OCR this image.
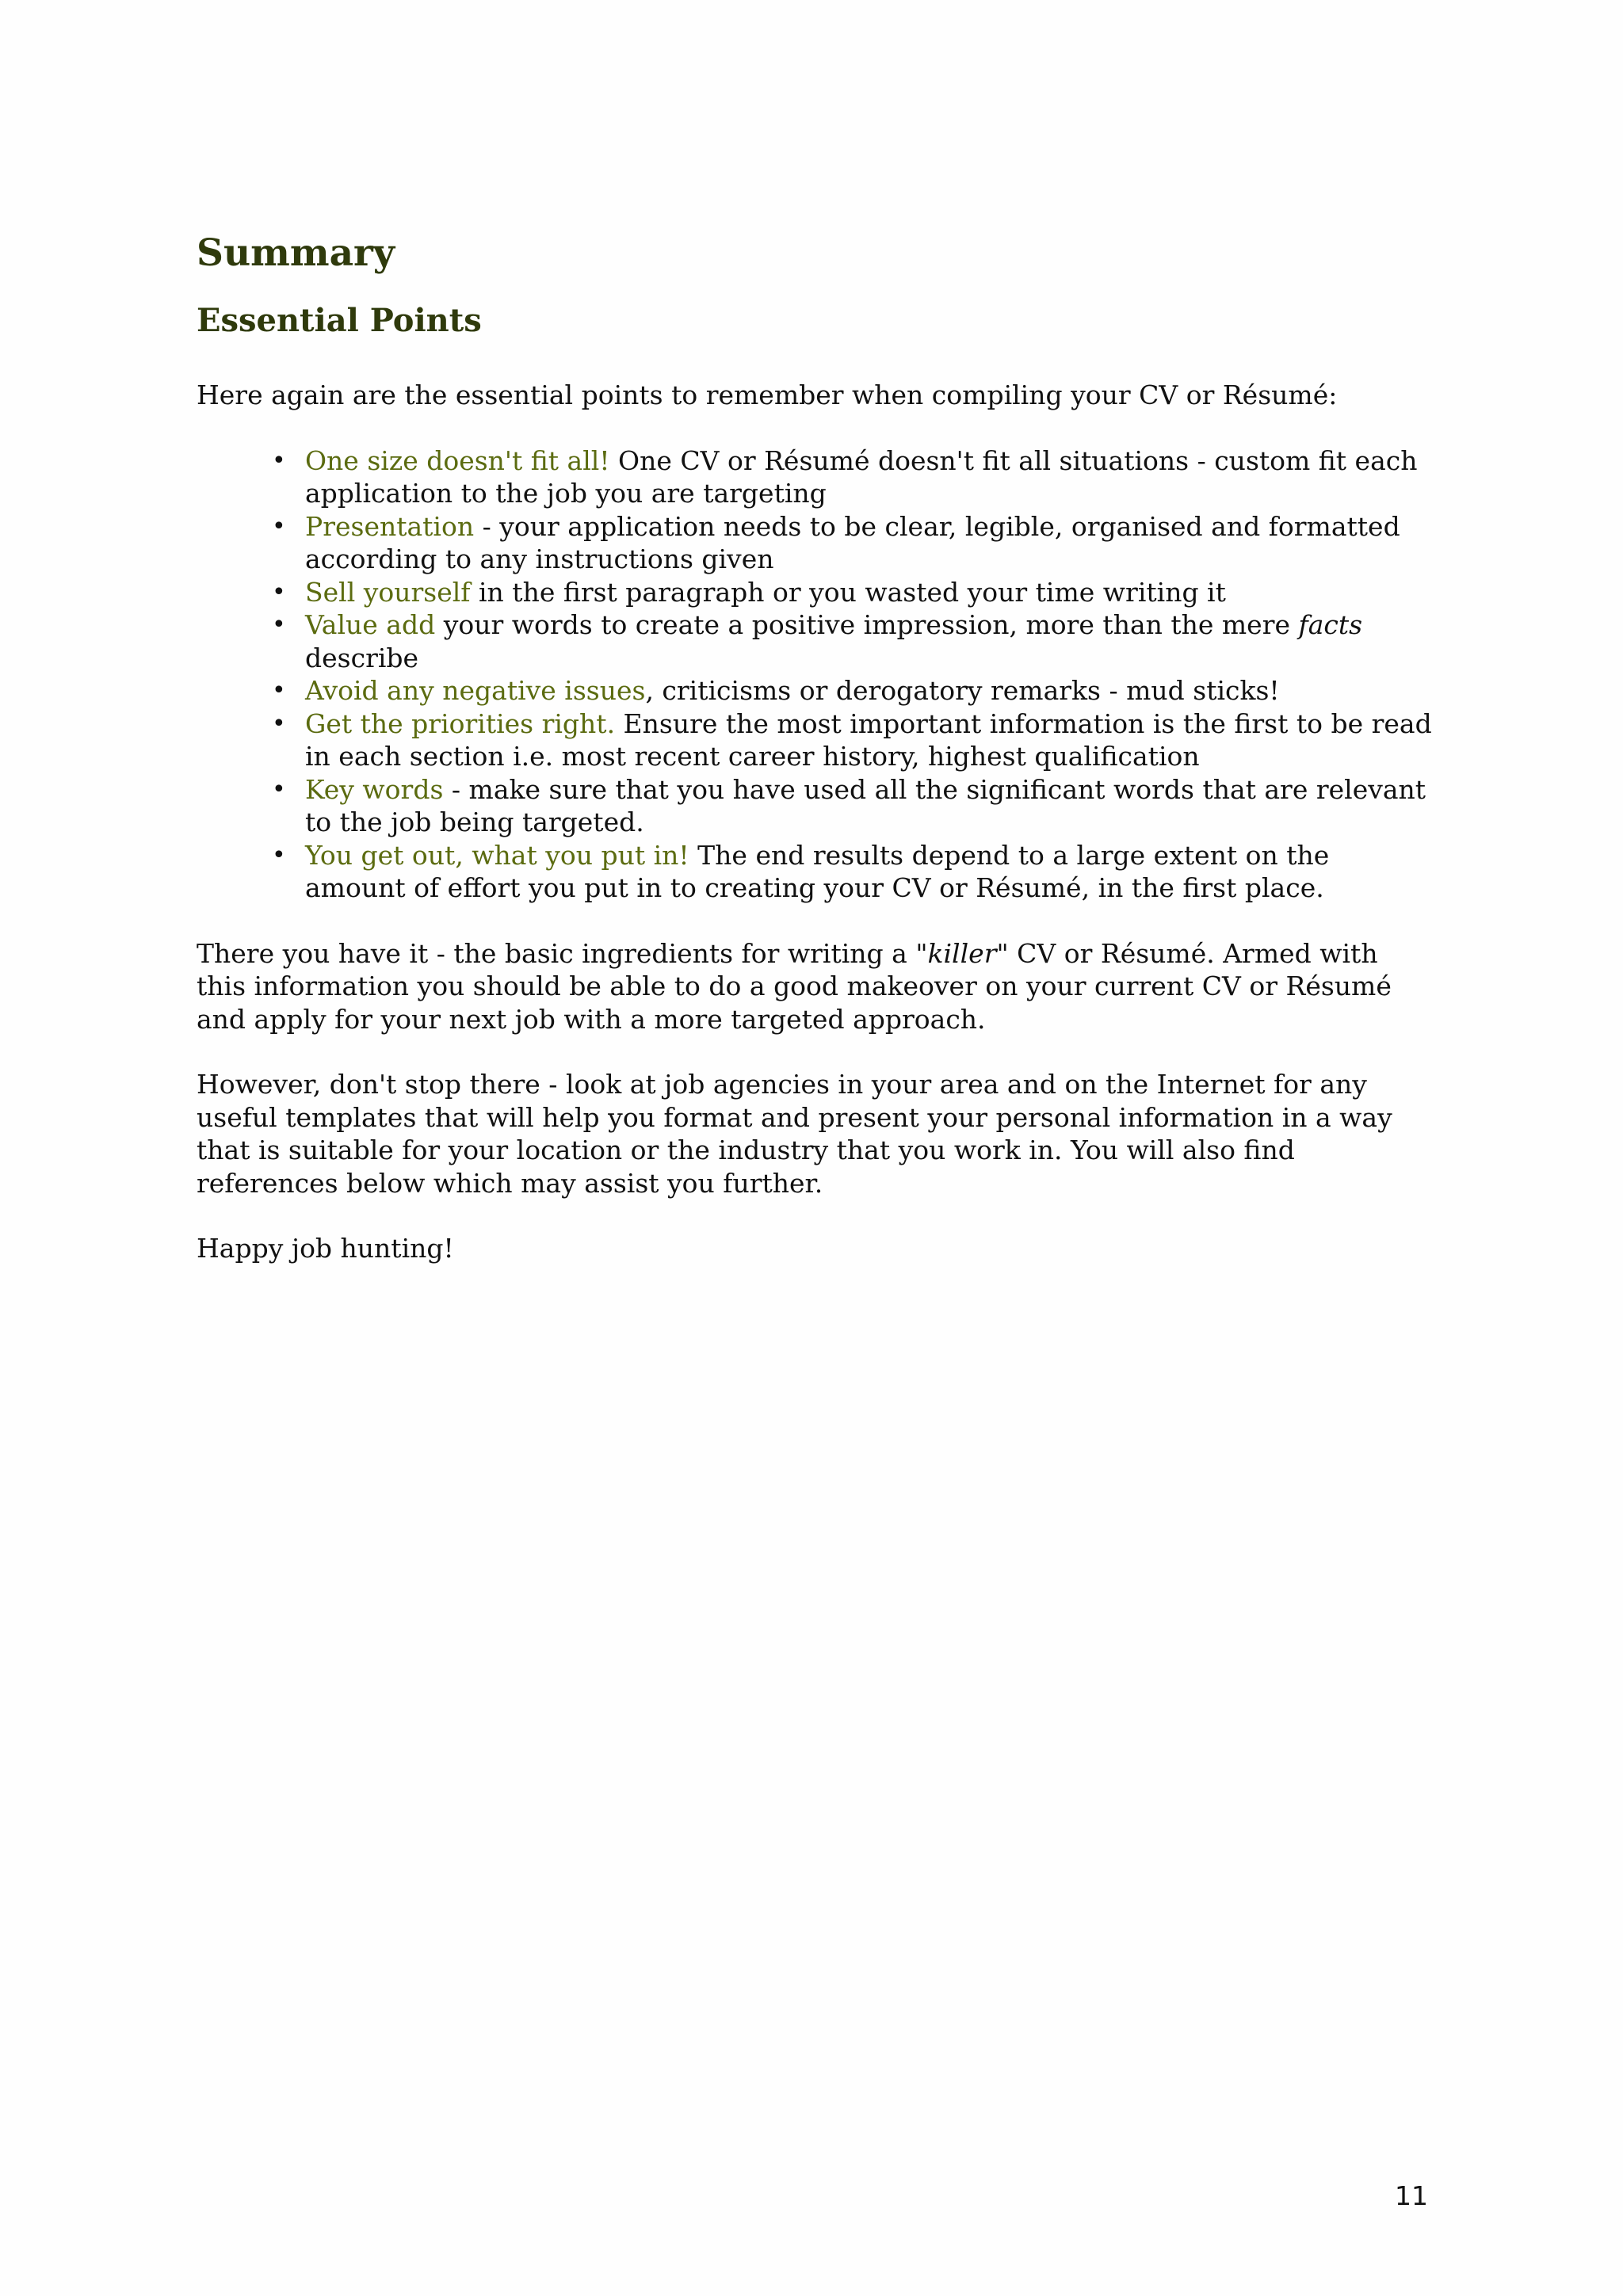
Summary
Essential Points

Here again are the essential points to remember when compiling your CV or Résumé:

• One size doesn't fit all! One CV or Résumé doesn't fit all situations - custom fit each application to the job you are targeting
• Presentation - your application needs to be clear, legible, organised and formatted according to any instructions given
• Sell yourself in the first paragraph or you wasted your time writing it
• Value add your words to create a positive impression, more than the mere facts describe
• Avoid any negative issues, criticisms or derogatory remarks - mud sticks!
• Get the priorities right. Ensure the most important information is the first to be read in each section i.e. most recent career history, highest qualification
• Key words - make sure that you have used all the significant words that are relevant to the job being targeted.
• You get out, what you put in! The end results depend to a large extent on the amount of effort you put in to creating your CV or Résumé, in the first place.

There you have it - the basic ingredients for writing a "killer" CV or Résumé. Armed with this information you should be able to do a good makeover on your current CV or Résumé and apply for your next job with a more targeted approach.

However, don't stop there - look at job agencies in your area and on the Internet for any useful templates that will help you format and present your personal information in a way that is suitable for your location or the industry that you work in. You will also find references below which may assist you further.

Happy job hunting!

11
